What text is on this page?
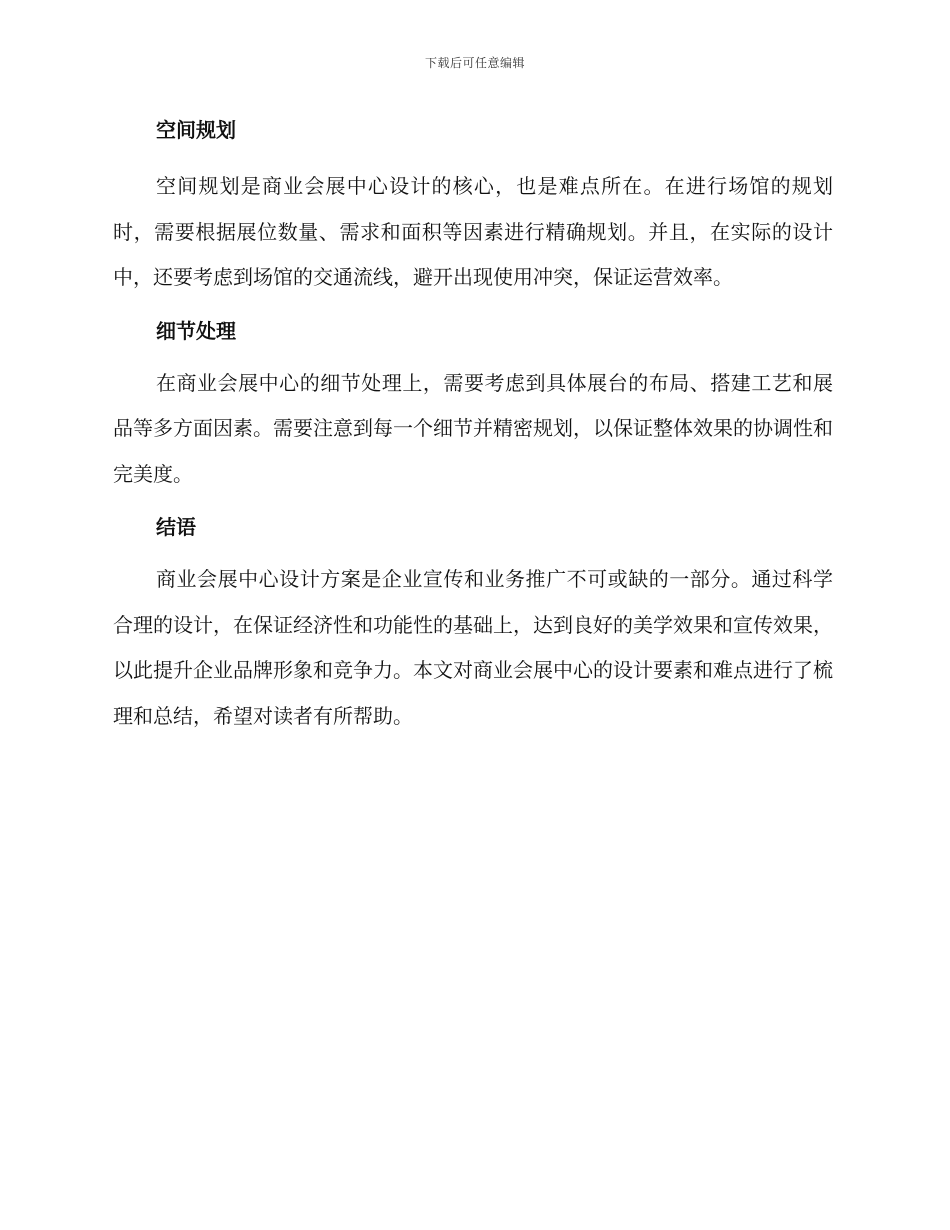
下载后可任意编辑
空间规划

空间规划是商业会展中心设计的核心，也是难点所在。在进行场馆的规划时，需要根据展位数量、需求和面积等因素进行精确规划。并且，在实际的设计中，还要考虑到场馆的交通流线，避开出现使用冲突，保证运营效率。

细节处理

在商业会展中心的细节处理上，需要考虑到具体展台的布局、搭建工艺和展品等多方面因素。需要注意到每一个细节并精密规划，以保证整体效果的协调性和完美度。

结语

商业会展中心设计方案是企业宣传和业务推广不可或缺的一部分。通过科学合理的设计，在保证经济性和功能性的基础上，达到良好的美学效果和宣传效果，以此提升企业品牌形象和竞争力。本文对商业会展中心的设计要素和难点进行了梳理和总结，希望对读者有所帮助。
